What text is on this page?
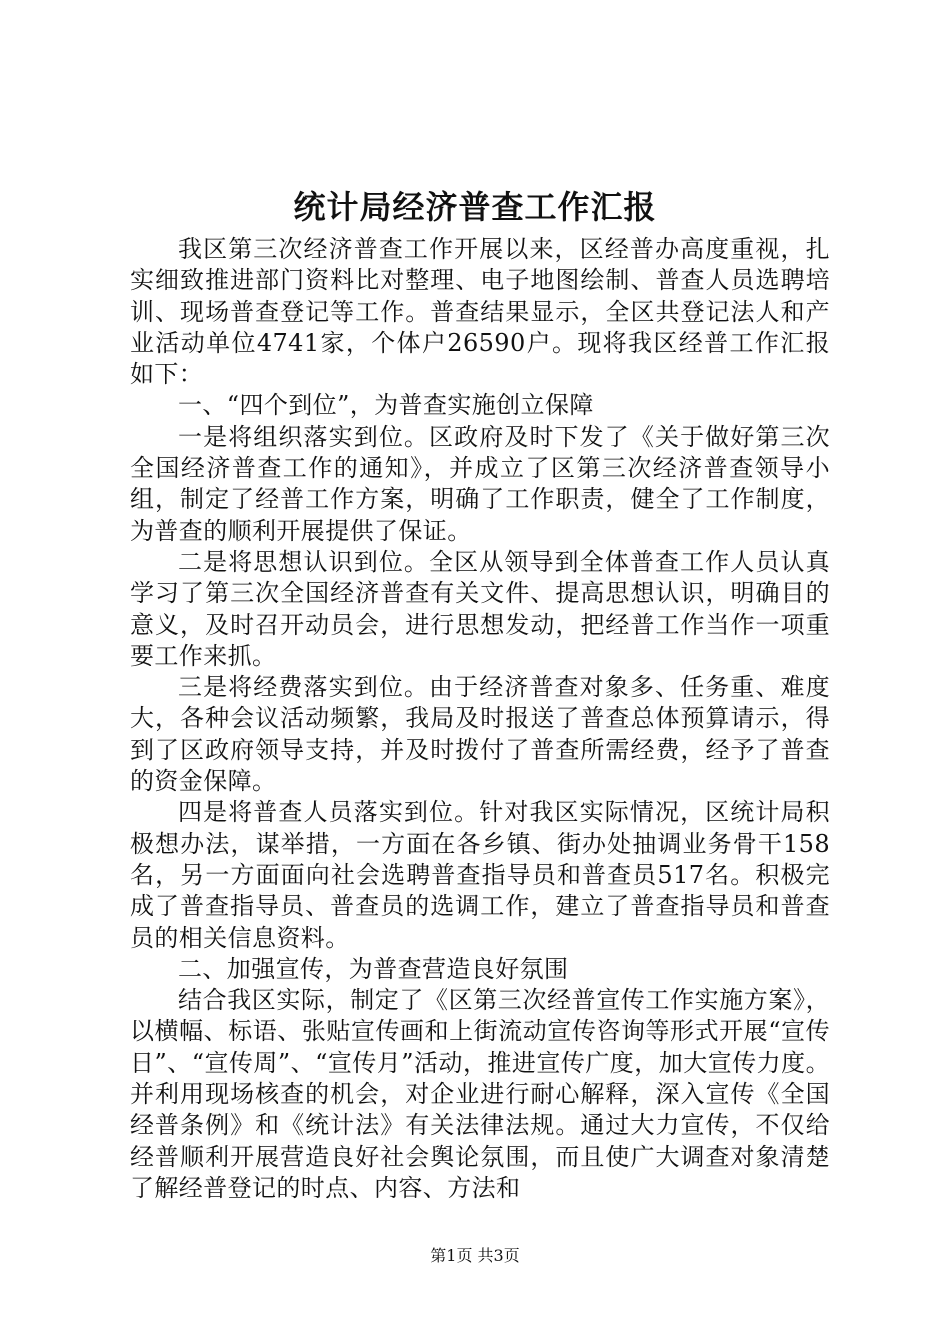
统计局经济普查工作汇报

我区第三次经济普查工作开展以来，区经普办高度重视，扎实细致推进部门资料比对整理、电子地图绘制、普查人员选聘培训、现场普查登记等工作。普查结果显示，全区共登记法人和产业活动单位4741家，个体户26590户。现将我区经普工作汇报如下：

一、“四个到位”，为普查实施创立保障

一是将组织落实到位。区政府及时下发了《关于做好第三次全国经济普查工作的通知》，并成立了区第三次经济普查领导小组，制定了经普工作方案，明确了工作职责，健全了工作制度，为普查的顺利开展提供了保证。

二是将思想认识到位。全区从领导到全体普查工作人员认真学习了第三次全国经济普查有关文件、提高思想认识，明确目的意义，及时召开动员会，进行思想发动，把经普工作当作一项重要工作来抓。

三是将经费落实到位。由于经济普查对象多、任务重、难度大，各种会议活动频繁，我局及时报送了普查总体预算请示，得到了区政府领导支持，并及时拨付了普查所需经费，经予了普查的资金保障。

四是将普查人员落实到位。针对我区实际情况，区统计局积极想办法，谋举措，一方面在各乡镇、街办处抽调业务骨干158名，另一方面面向社会选聘普查指导员和普查员517名。积极完成了普查指导员、普查员的选调工作，建立了普查指导员和普查员的相关信息资料。

二、加强宣传，为普查营造良好氛围

结合我区实际，制定了《区第三次经普宣传工作实施方案》，以横幅、标语、张贴宣传画和上街流动宣传咨询等形式开展“宣传日”、“宣传周”、“宣传月”活动，推进宣传广度，加大宣传力度。并利用现场核查的机会，对企业进行耐心解释，深入宣传《全国经普条例》和《统计法》有关法律法规。通过大力宣传，不仅给经普顺利开展营造良好社会舆论氛围，而且使广大调查对象清楚了解经普登记的时点、内容、方法和

第1页 共3页
